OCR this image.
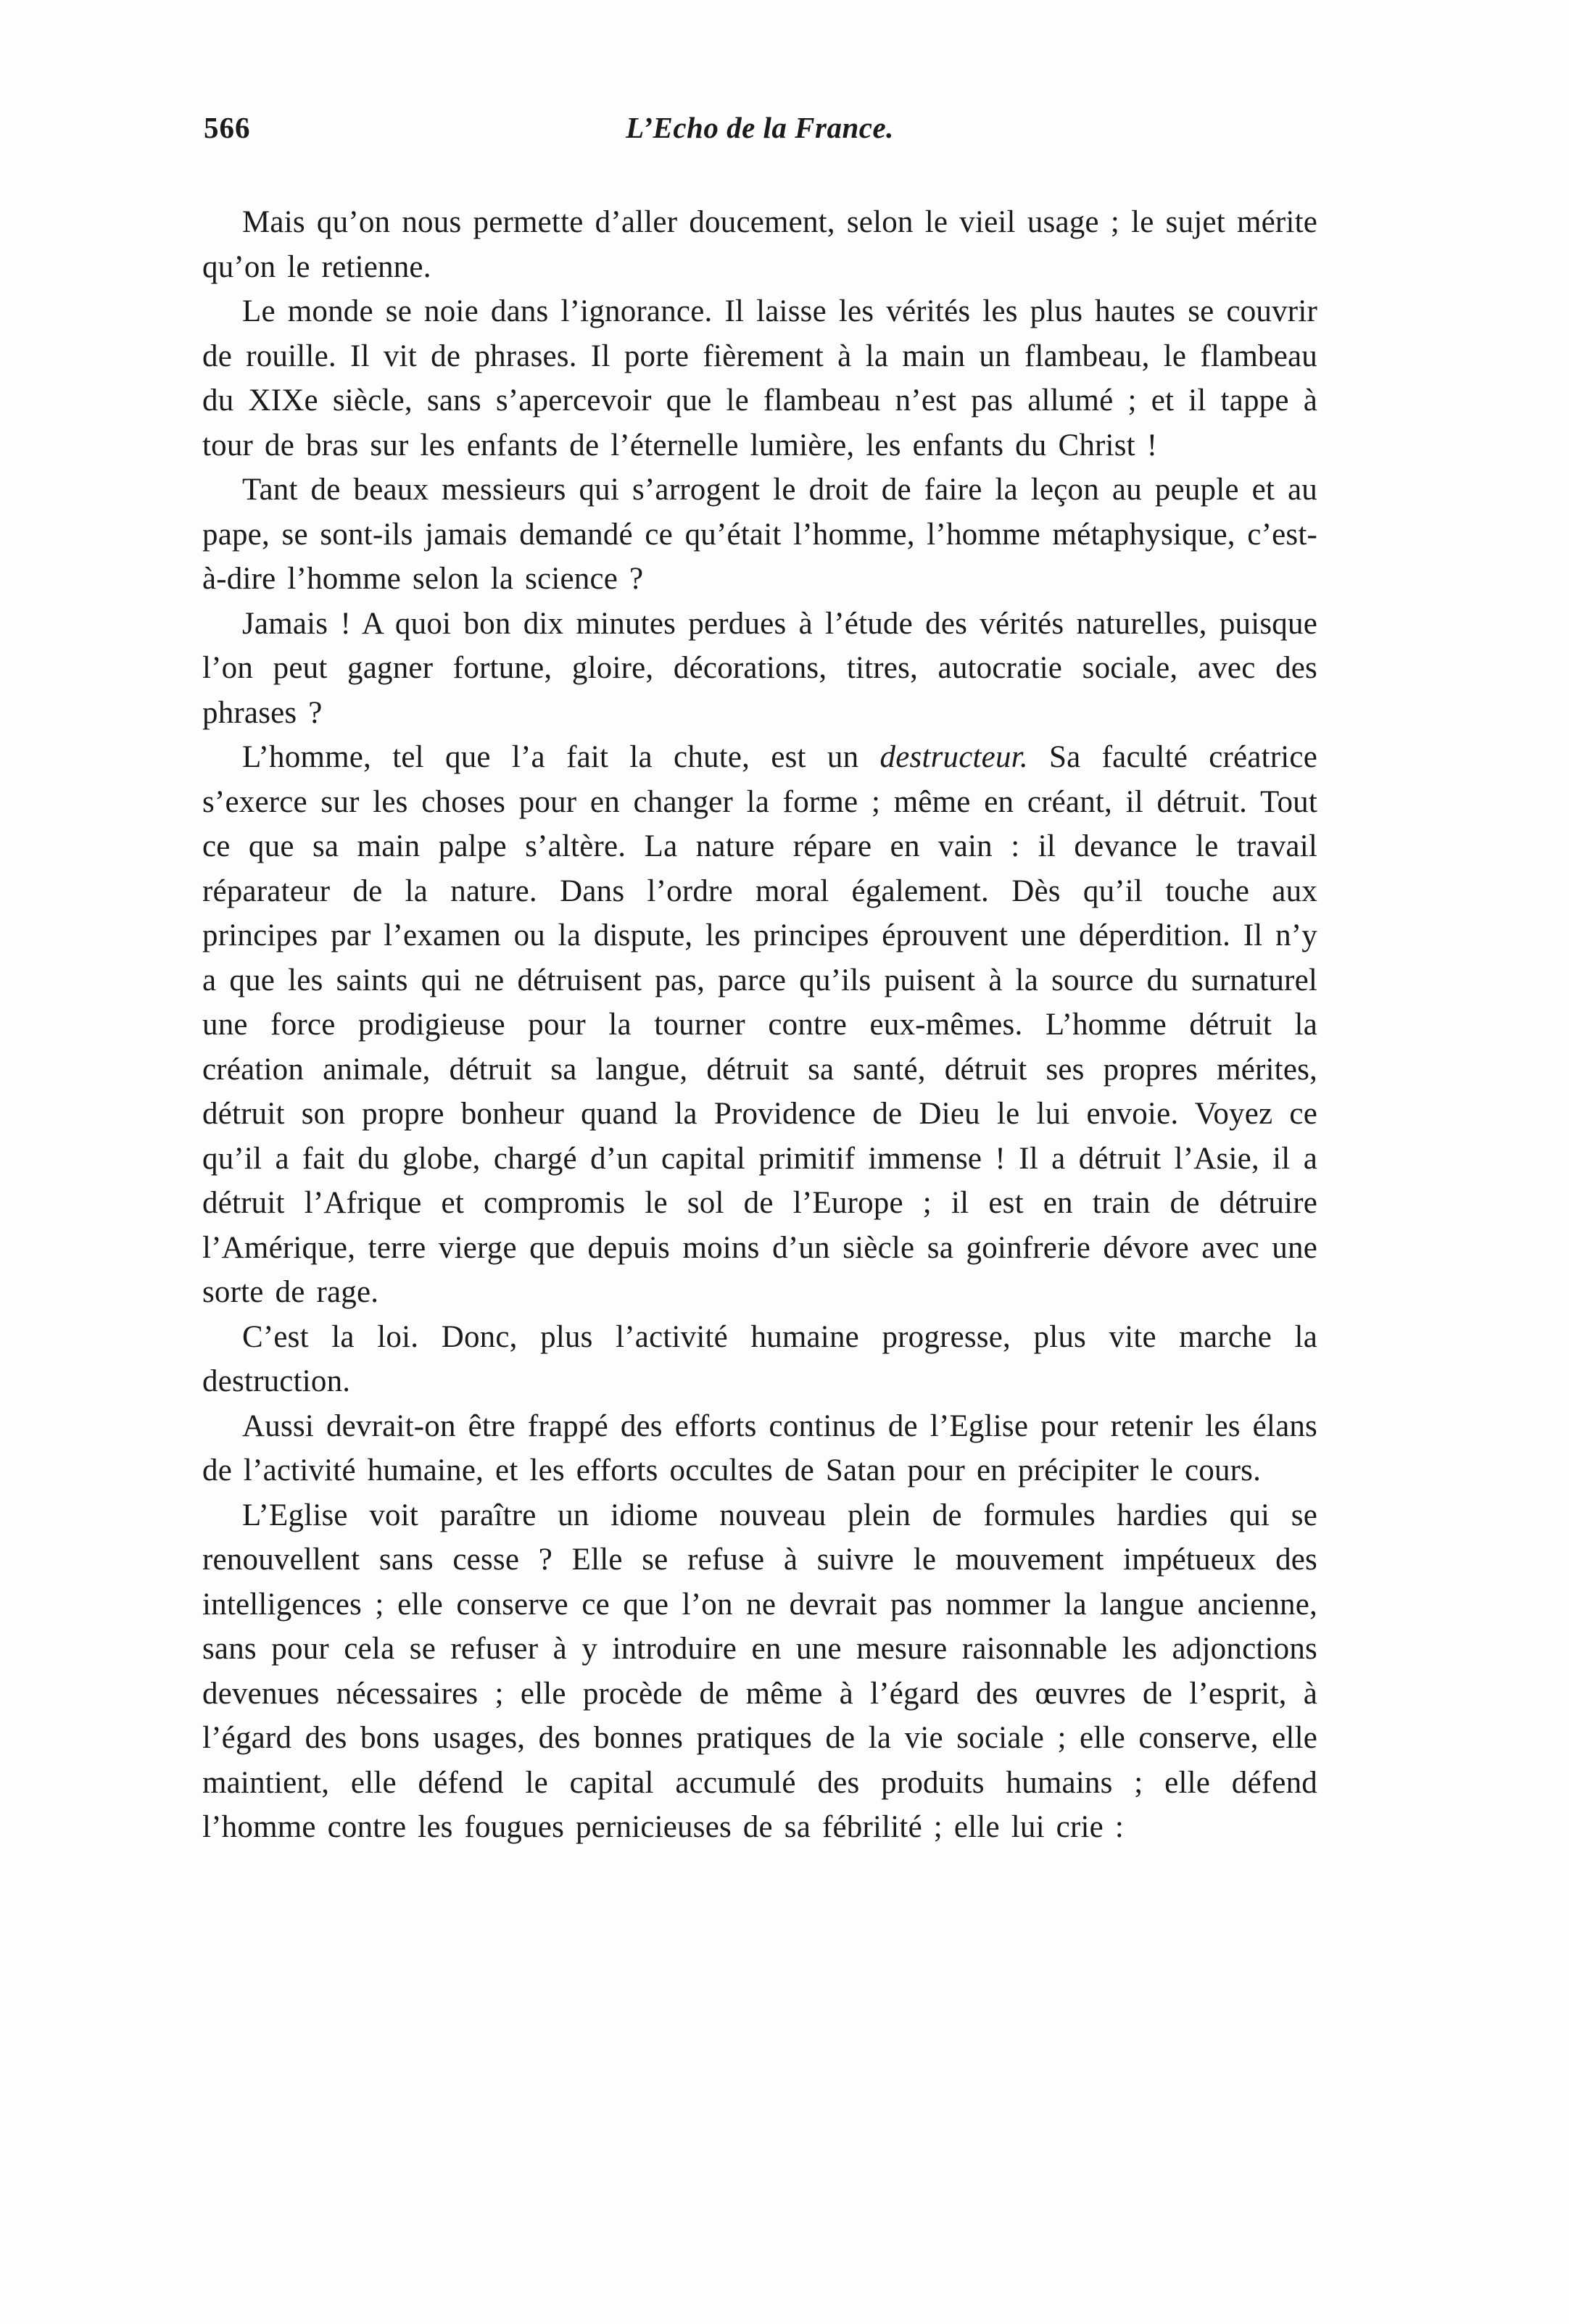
566	L’Echo de la France.

Mais qu’on nous permette d’aller doucement, selon le vieil usage ; le sujet mérite qu’on le retienne.

Le monde se noie dans l’ignorance. Il laisse les vérités les plus hautes se couvrir de rouille. Il vit de phrases. Il porte fièrement à la main un flambeau, le flambeau du XIXe siècle, sans s’apercevoir que le flambeau n’est pas allumé ; et il tappe à tour de bras sur les enfants de l’éternelle lumière, les enfants du Christ !

Tant de beaux messieurs qui s’arrogent le droit de faire la leçon au peuple et au pape, se sont-ils jamais demandé ce qu’était l’homme, l’homme métaphysique, c’est-à-dire l’homme selon la science ?

Jamais ! A quoi bon dix minutes perdues à l’étude des vérités naturelles, puisque l’on peut gagner fortune, gloire, décorations, titres, autocratie sociale, avec des phrases ?

L’homme, tel que l’a fait la chute, est un destructeur. Sa faculté créatrice s’exerce sur les choses pour en changer la forme ; même en créant, il détruit. Tout ce que sa main palpe s’altère. La nature répare en vain : il devance le travail réparateur de la nature. Dans l’ordre moral également. Dès qu’il touche aux principes par l’examen ou la dispute, les principes éprouvent une déperdition. Il n’y a que les saints qui ne détruisent pas, parce qu’ils puisent à la source du surnaturel une force prodigieuse pour la tourner contre eux-mêmes. L’homme détruit la création animale, détruit sa langue, détruit sa santé, détruit ses propres mérites, détruit son propre bonheur quand la Providence de Dieu le lui envoie. Voyez ce qu’il a fait du globe, chargé d’un capital primitif immense ! Il a détruit l’Asie, il a détruit l’Afrique et compromis le sol de l’Europe ; il est en train de détruire l’Amérique, terre vierge que depuis moins d’un siècle sa goinfrerie dévore avec une sorte de rage.

C’est la loi. Donc, plus l’activité humaine progresse, plus vite marche la destruction.

Aussi devrait-on être frappé des efforts continus de l’Eglise pour retenir les élans de l’activité humaine, et les efforts occultes de Satan pour en précipiter le cours.

L’Eglise voit paraître un idiome nouveau plein de formules hardies qui se renouvellent sans cesse ? Elle se refuse à suivre le mouvement impétueux des intelligences ; elle conserve ce que l’on ne devrait pas nommer la langue ancienne, sans pour cela se refuser à y introduire en une mesure raisonnable les adjonctions devenues nécessaires ; elle procède de même à l’égard des œuvres de l’esprit, à l’égard des bons usages, des bonnes pratiques de la vie sociale ; elle conserve, elle maintient, elle défend le capital accumulé des produits humains ; elle défend l’homme contre les fougues pernicieuses de sa fébrilité ; elle lui crie :
